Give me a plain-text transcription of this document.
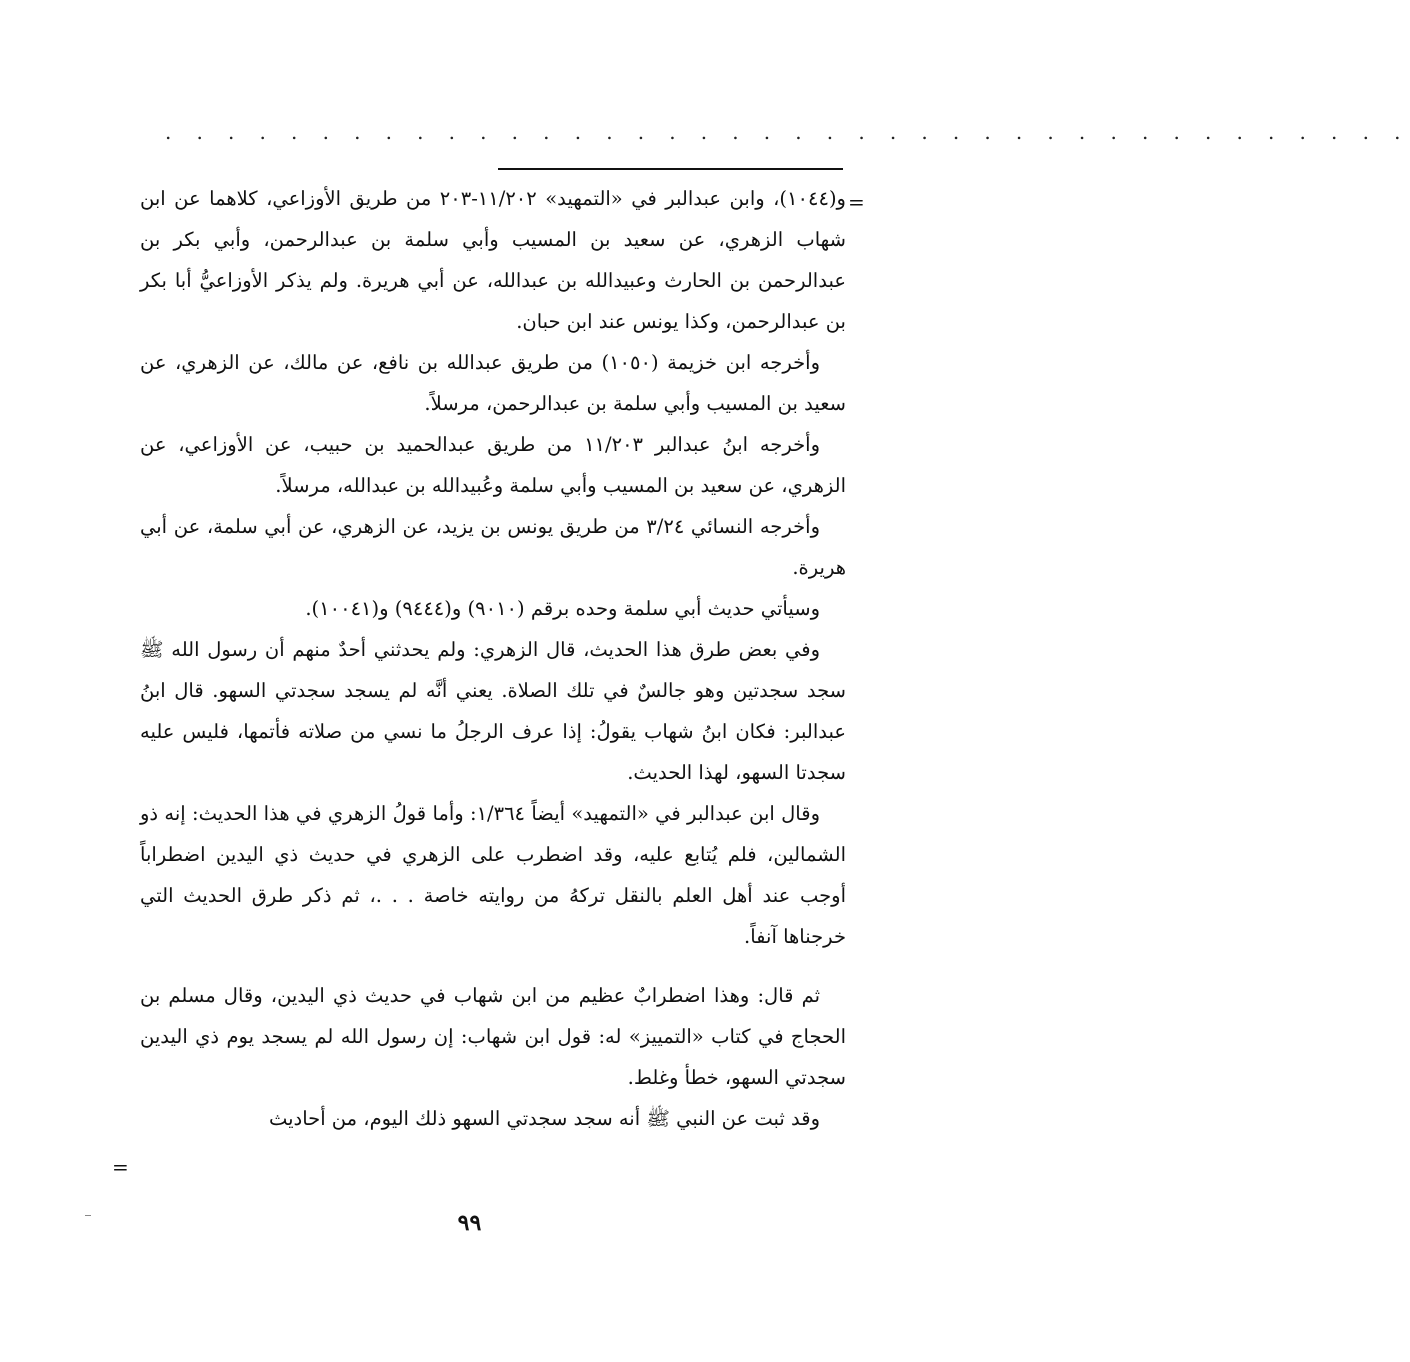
. . . . . . . . . . . . . . . . . . . . . . . . . . . . . . . . . . . . . . . .
=

و(١٠٤٤)، وابن عبدالبر في «التمهيد» ١١/٢٠٢-٢٠٣ من طريق الأوزاعي، كلاهما عن ابن شهاب الزهري، عن سعيد بن المسيب وأبي سلمة بن عبدالرحمن، وأبي بكر بن عبدالرحمن بن الحارث وعبيدالله بن عبدالله، عن أبي هريرة. ولم يذكر الأوزاعيُّ أبا بكر بن عبدالرحمن، وكذا يونس عند ابن حبان.

وأخرجه ابن خزيمة (١٠٥٠) من طريق عبدالله بن نافع، عن مالك، عن الزهري، عن سعيد بن المسيب وأبي سلمة بن عبدالرحمن، مرسلاً.

وأخرجه ابنُ عبدالبر ١١/٢٠٣ من طريق عبدالحميد بن حبيب، عن الأوزاعي، عن الزهري، عن سعيد بن المسيب وأبي سلمة وعُبيدالله بن عبدالله، مرسلاً.

وأخرجه النسائي ٣/٢٤ من طريق يونس بن يزيد، عن الزهري، عن أبي سلمة، عن أبي هريرة.

وسيأتي حديث أبي سلمة وحده برقم (٩٠١٠) و(٩٤٤٤) و(١٠٠٤١).

وفي بعض طرق هذا الحديث، قال الزهري: ولم يحدثني أحدٌ منهم أن رسول الله ﷺ سجد سجدتين وهو جالسٌ في تلك الصلاة. يعني أنَّه لم يسجد سجدتي السهو. قال ابنُ عبدالبر: فكان ابنُ شهاب يقولُ: إذا عرف الرجلُ ما نسي من صلاته فأتمها، فليس عليه سجدتا السهو، لهذا الحديث.

وقال ابن عبدالبر في «التمهيد» أيضاً ١/٣٦٤: وأما قولُ الزهري في هذا الحديث: إنه ذو الشمالين، فلم يُتابع عليه، وقد اضطرب على الزهري في حديث ذي اليدين اضطراباً أوجب عند أهل العلم بالنقل تركهُ من روايته خاصة . . .، ثم ذكر طرق الحديث التي خرجناها آنفاً.

ثم قال: وهذا اضطرابٌ عظيم من ابن شهاب في حديث ذي اليدين، وقال مسلم بن الحجاج في كتاب «التمييز» له: قول ابن شهاب: إن رسول الله لم يسجد يوم ذي اليدين سجدتي السهو، خطأ وغلط.

وقد ثبت عن النبي ﷺ أنه سجد سجدتي السهو ذلك اليوم، من أحاديث

=
٩٩
